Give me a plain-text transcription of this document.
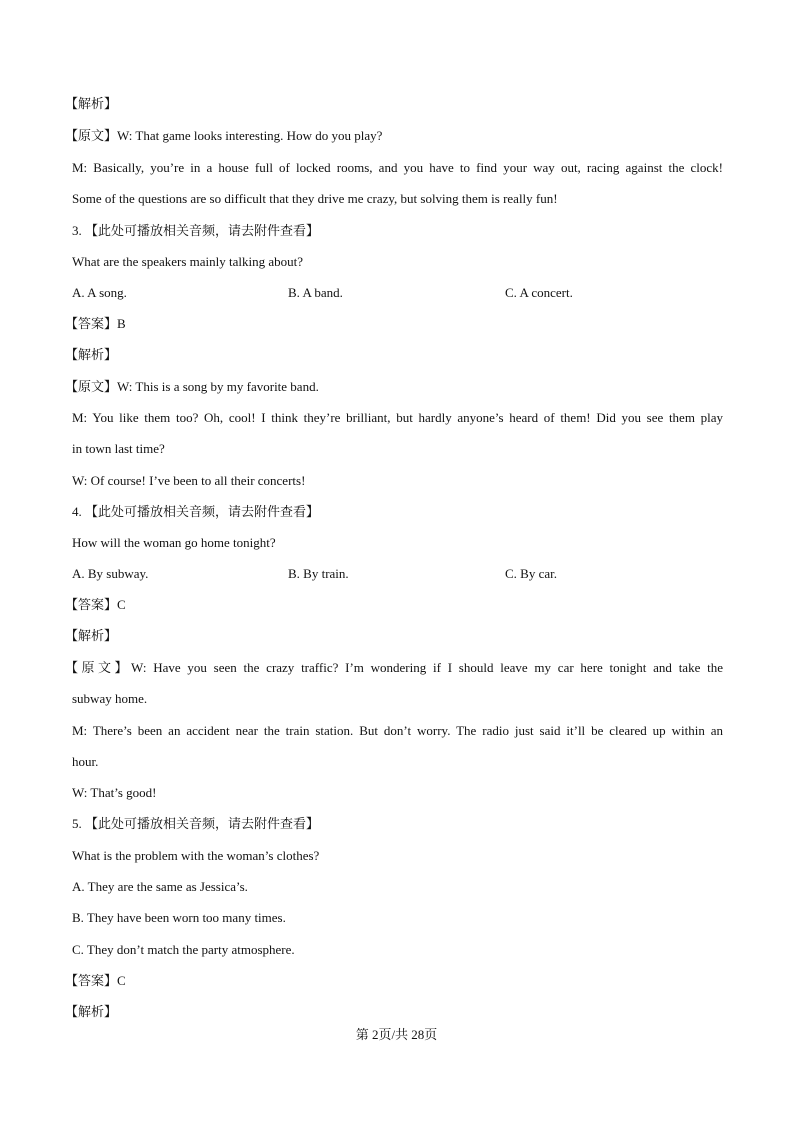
【解析】
【原文】W: That game looks interesting. How do you play?
M: Basically, you’re in a house full of locked rooms, and you have to find your way out, racing against the clock!
Some of the questions are so difficult that they drive me crazy, but solving them is really fun!
3. 【此处可播放相关音频，请去附件查看】
What are the speakers mainly talking about?
A. A song.	B. A band.	C. A concert.
【答案】B
【解析】
【原文】W: This is a song by my favorite band.
M: You like them too? Oh, cool! I think they’re brilliant, but hardly anyone’s heard of them! Did you see them play
in town last time?
W: Of course! I’ve been to all their concerts!
4. 【此处可播放相关音频，请去附件查看】
How will the woman go home tonight?
A. By subway.	B. By train.	C. By car.
【答案】C
【解析】
【原文】W: Have you seen the crazy traffic? I’m wondering if I should leave my car here tonight and take the
subway home.
M: There’s been an accident near the train station. But don’t worry. The radio just said it’ll be cleared up within an
hour.
W: That’s good!
5. 【此处可播放相关音频，请去附件查看】
What is the problem with the woman’s clothes?
A. They are the same as Jessica’s.
B. They have been worn too many times.
C. They don’t match the party atmosphere.
【答案】C
【解析】
第 2页/共 28页
